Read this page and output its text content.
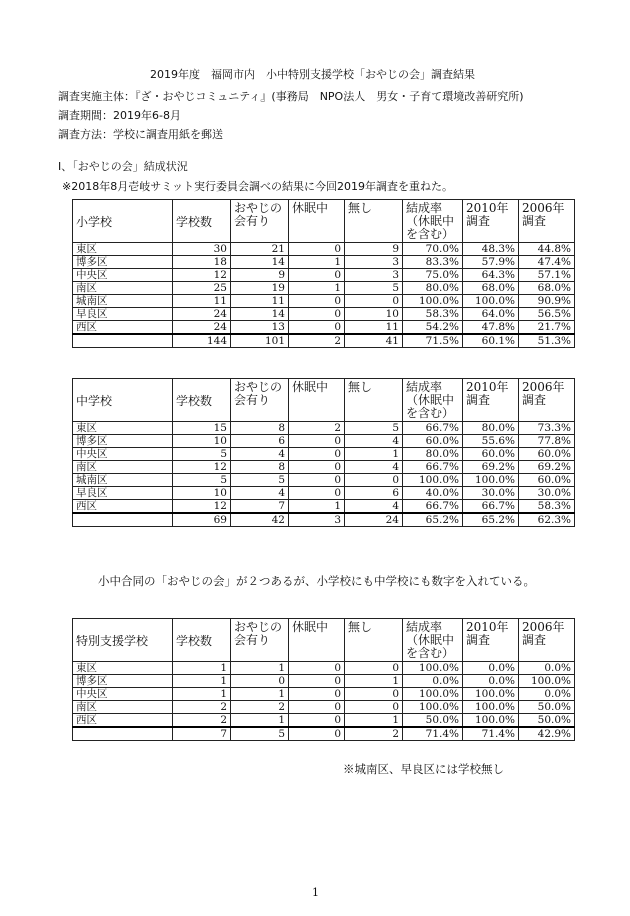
2019年度　福岡市内　小中特別支援学校「おやじの会」調査結果
調査実施主体：『ざ・おやじコミュニティ』(事務局　NPO法人　男女・子育て環境改善研究所)
調査期間：2019年6-8月
調査方法：学校に調査用紙を郵送
Ⅰ、「おやじの会」結成状況
※2018年8月壱岐サミット実行委員会調べの結果に今回2019年調査を重ねた。
小学校	学校数	おやじの会有り	休眠中	無し	結成率（休眠中を含む）	2010年調査	2006年調査
東区	30	21	0	9	70.0%	48.3%	44.8%
博多区	18	14	1	3	83.3%	57.9%	47.4%
中央区	12	9	0	3	75.0%	64.3%	57.1%
南区	25	19	1	5	80.0%	68.0%	68.0%
城南区	11	11	0	0	100.0%	100.0%	90.9%
早良区	24	14	0	10	58.3%	64.0%	56.5%
西区	24	13	0	11	54.2%	47.8%	21.7%
	144	101	2	41	71.5%	60.1%	51.3%
中学校	学校数	おやじの会有り	休眠中	無し	結成率（休眠中を含む）	2010年調査	2006年調査
東区	15	8	2	5	66.7%	80.0%	73.3%
博多区	10	6	0	4	60.0%	55.6%	77.8%
中央区	5	4	0	1	80.0%	60.0%	60.0%
南区	12	8	0	4	66.7%	69.2%	69.2%
城南区	5	5	0	0	100.0%	100.0%	60.0%
早良区	10	4	0	6	40.0%	30.0%	30.0%
西区	12	7	1	4	66.7%	66.7%	58.3%
	69	42	3	24	65.2%	65.2%	62.3%
小中合同の「おやじの会」が２つあるが、小学校にも中学校にも数字を入れている。
特別支援学校	学校数	おやじの会有り	休眠中	無し	結成率（休眠中を含む）	2010年調査	2006年調査
東区	1	1	0	0	100.0%	0.0%	0.0%
博多区	1	0	0	1	0.0%	0.0%	100.0%
中央区	1	1	0	0	100.0%	100.0%	0.0%
南区	2	2	0	0	100.0%	100.0%	50.0%
西区	2	1	0	1	50.0%	100.0%	50.0%
	7	5	0	2	71.4%	71.4%	42.9%
※城南区、早良区には学校無し
1
